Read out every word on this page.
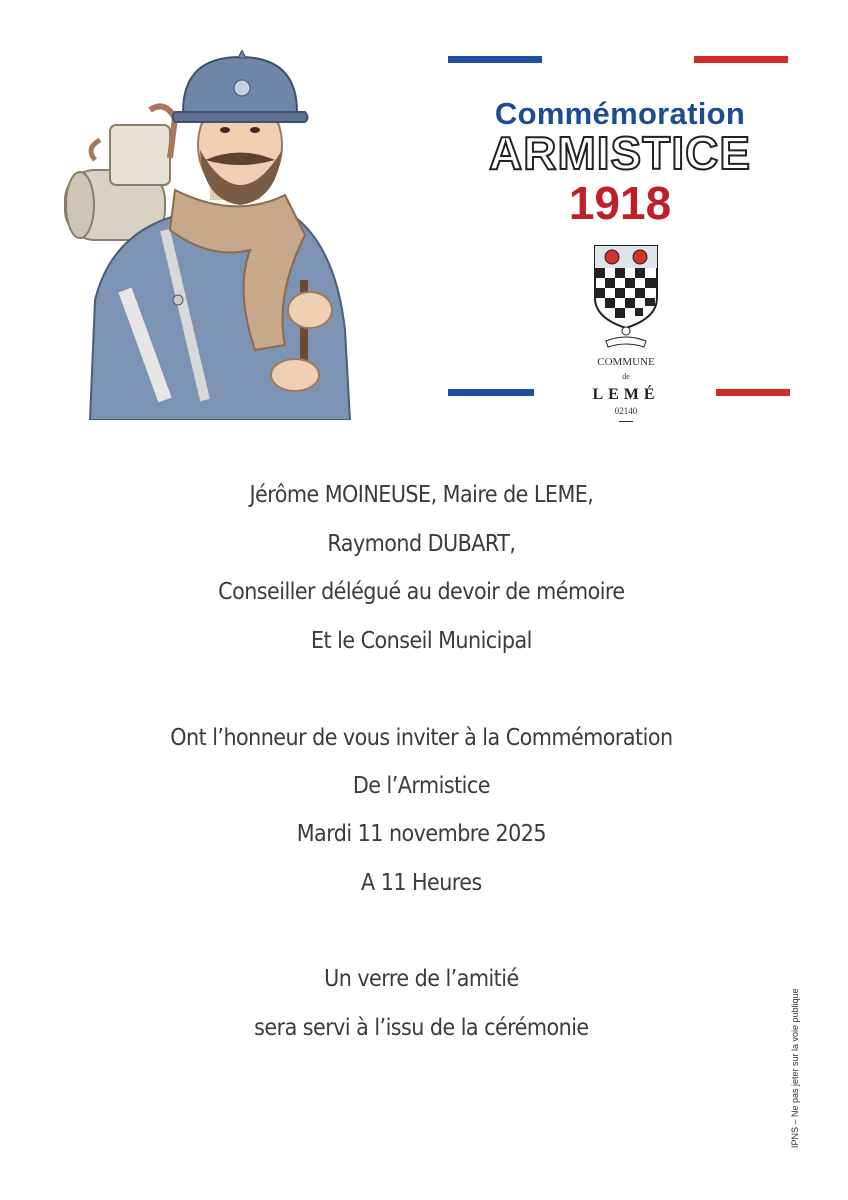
Commémoration
ARMISTICE
1918
COMMUNE
de
LEMÉ
02140
Jérôme MOINEUSE, Maire de LEME,
Raymond DUBART,
Conseiller délégué au devoir de mémoire
Et le Conseil Municipal
Ont l’honneur de vous inviter à la Commémoration
De l’Armistice
Mardi 11 novembre 2025
A 11 Heures
Un verre de l’amitié
sera servi à l’issu de la cérémonie	IPNS – Ne pas jeter sur la voie publique
